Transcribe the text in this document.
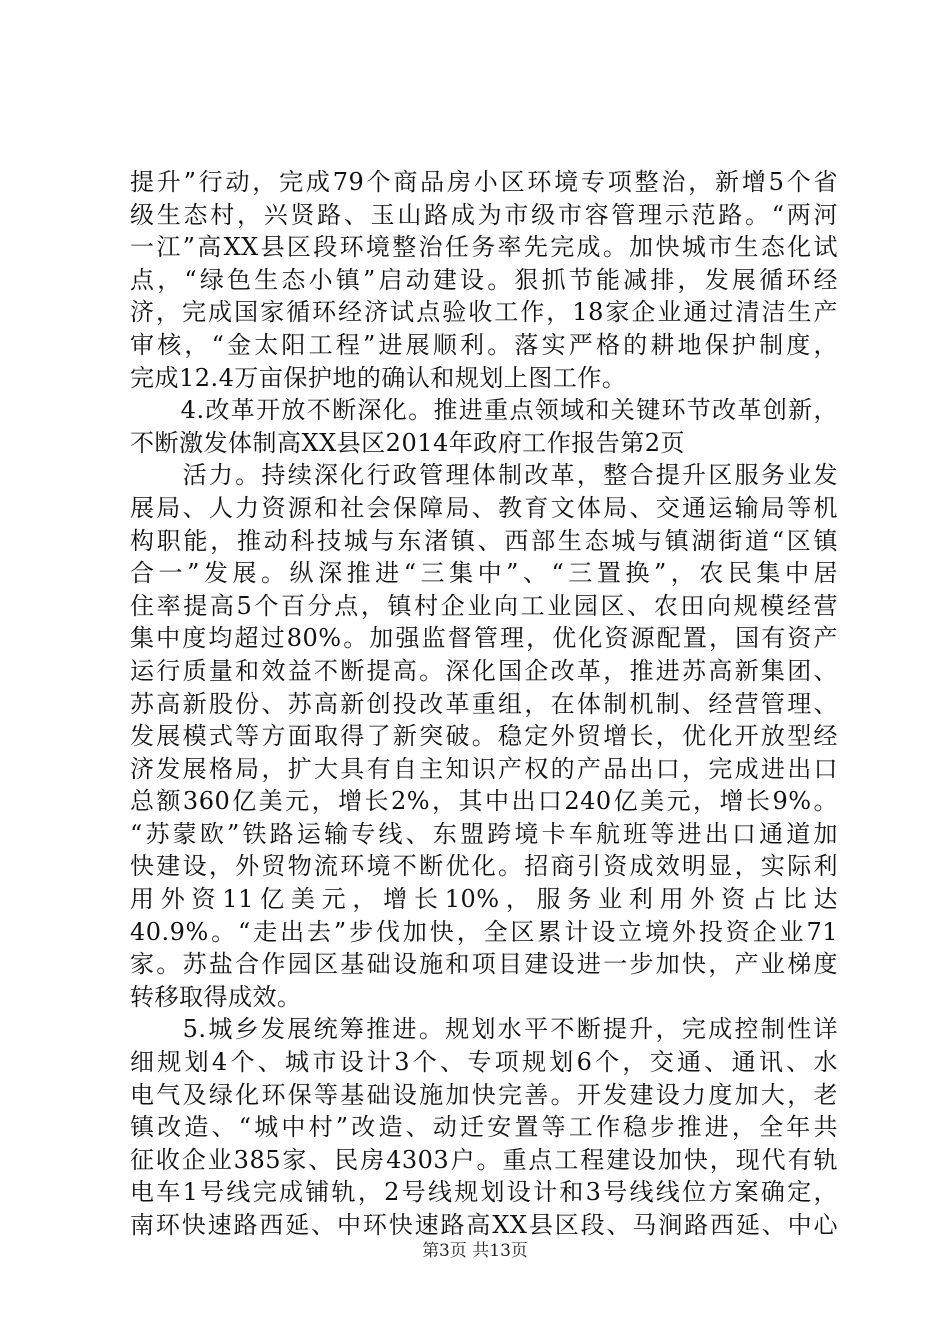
提升”行动，完成79个商品房小区环境专项整治，新增5个省
级生态村，兴贤路、玉山路成为市级市容管理示范路。“两河
一江”高XX县区段环境整治任务率先完成。加快城市生态化试
点，“绿色生态小镇”启动建设。狠抓节能减排，发展循环经
济，完成国家循环经济试点验收工作，18家企业通过清洁生产
审核，“金太阳工程”进展顺利。落实严格的耕地保护制度，
完成12.4万亩保护地的确认和规划上图工作。
　　4.改革开放不断深化。推进重点领域和关键环节改革创新，
不断激发体制高XX县区2014年政府工作报告第2页
　　活力。持续深化行政管理体制改革，整合提升区服务业发
展局、人力资源和社会保障局、教育文体局、交通运输局等机
构职能，推动科技城与东渚镇、西部生态城与镇湖街道“区镇
合一”发展。纵深推进“三集中”、“三置换”，农民集中居
住率提高5个百分点，镇村企业向工业园区、农田向规模经营
集中度均超过80%。加强监督管理，优化资源配置，国有资产
运行质量和效益不断提高。深化国企改革，推进苏高新集团、
苏高新股份、苏高新创投改革重组，在体制机制、经营管理、
发展模式等方面取得了新突破。稳定外贸增长，优化开放型经
济发展格局，扩大具有自主知识产权的产品出口，完成进出口
总额360亿美元，增长2%，其中出口240亿美元，增长9%。
“苏蒙欧”铁路运输专线、东盟跨境卡车航班等进出口通道加
快建设，外贸物流环境不断优化。招商引资成效明显，实际利
用外资11亿美元，增长10%，服务业利用外资占比达
40.9%。“走出去”步伐加快，全区累计设立境外投资企业71
家。苏盐合作园区基础设施和项目建设进一步加快，产业梯度
转移取得成效。
　　5.城乡发展统筹推进。规划水平不断提升，完成控制性详
细规划4个、城市设计3个、专项规划6个，交通、通讯、水
电气及绿化环保等基础设施加快完善。开发建设力度加大，老
镇改造、“城中村”改造、动迁安置等工作稳步推进，全年共
征收企业385家、民房4303户。重点工程建设加快，现代有轨
电车1号线完成铺轨，2号线规划设计和3号线线位方案确定，
南环快速路西延、中环快速路高XX县区段、马涧路西延、中心
第3页 共13页
